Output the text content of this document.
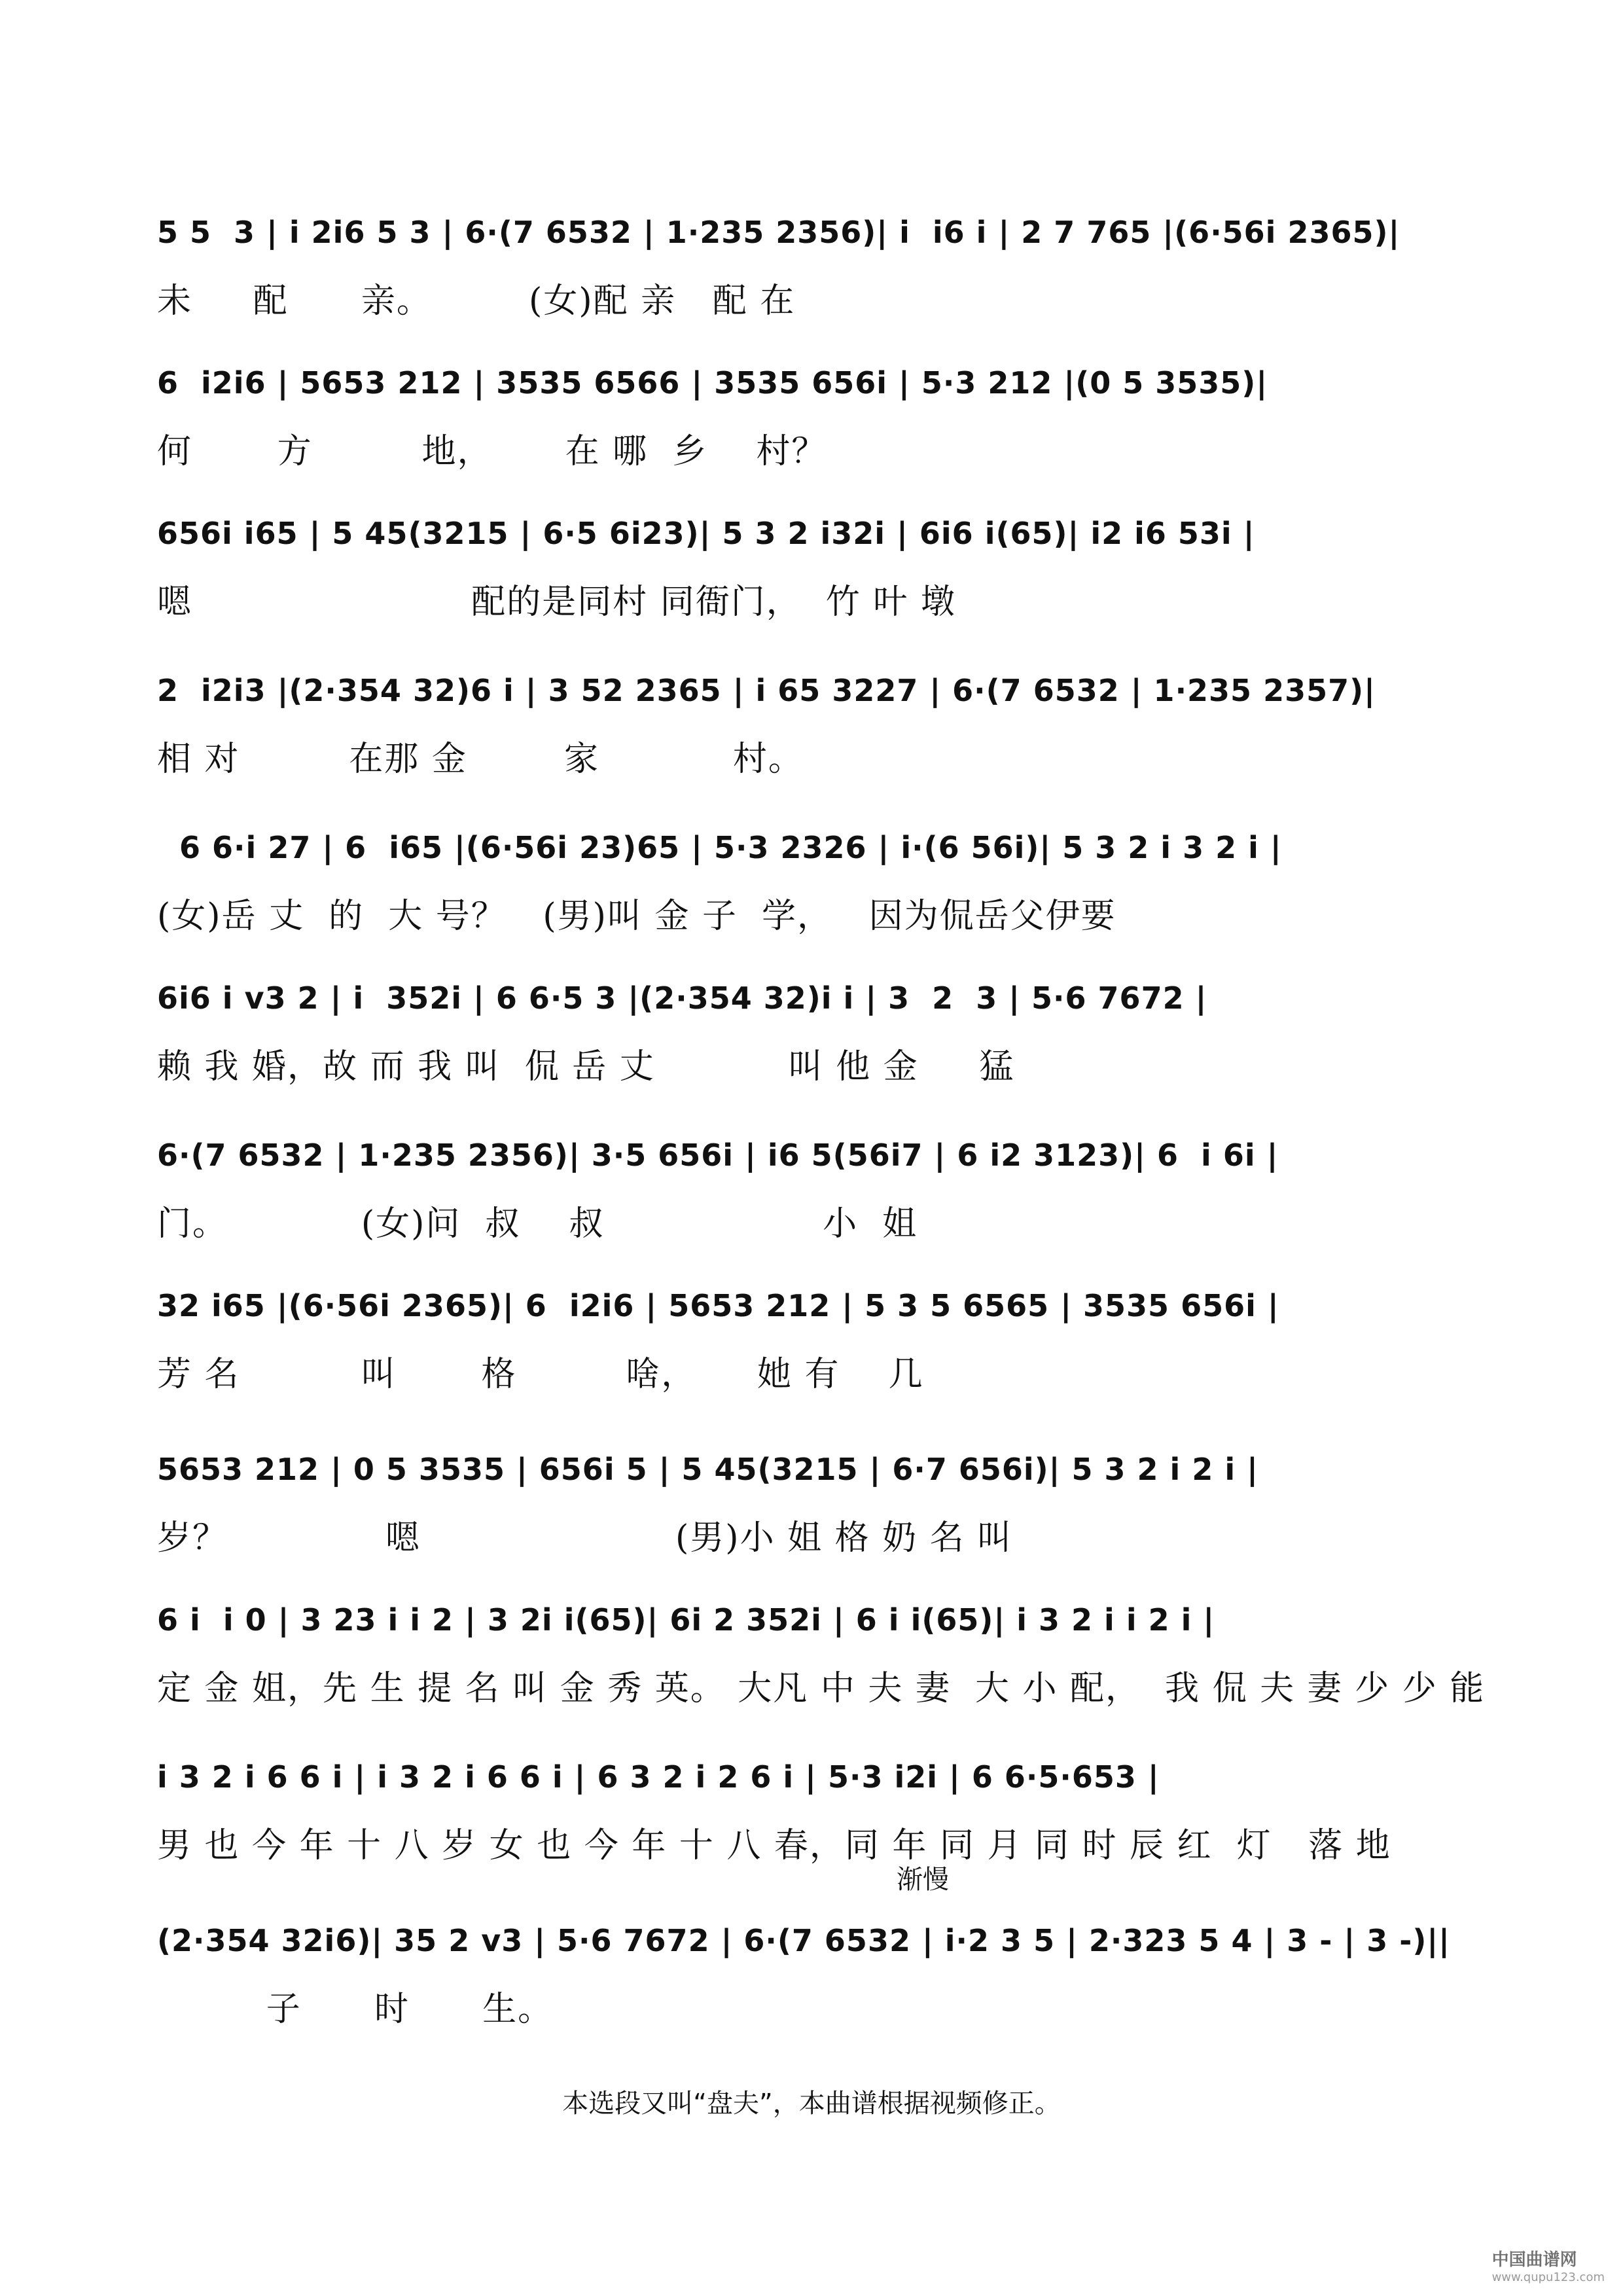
5 5  3 | i 2i6 5 3 | 6·(7 6532 | 1·235 2356)| i  i6 i | 2 7 765 |(6·56i 2365)|
未     配      亲。        (女)配 亲   配 在
6  i2i6 | 5653 212 | 3535 6566 | 3535 656i | 5·3 212 |(0 5 3535)|
何       方         地，      在 哪  乡    村？
656i i65 | 5 45(3215 | 6·5 6i23)| 5 3 2 i32i | 6i6 i(65)| i2 i6 53i |
嗯                       配的是同村 同衙门，  竹 叶 墩
2  i2i3 |(2·354 32)6 i | 3 52 2365 | i 65 3227 | 6·(7 6532 | 1·235 2357)|
相 对         在那 金        家           村。
6 6·i 27 | 6  i65 |(6·56i 23)65 | 5·3 2326 | i·(6 56i)| 5 3 2 i 3 2 i |
(女)岳 丈  的  大 号？   (男)叫 金 子  学，   因为侃岳父伊要
6i6 i v3 2 | i  352i | 6 6·5 3 |(2·354 32)i i | 3  2  3 | 5·6 7672 |
赖 我 婚，故 而 我 叫  侃 岳 丈           叫 他 金     猛
6·(7 6532 | 1·235 2356)| 3·5 656i | i6 5(56i7 | 6 i2 3123)| 6  i 6i |
门。           (女)问  叔    叔                  小  姐
32 i65 |(6·56i 2365)| 6  i2i6 | 5653 212 | 5 3 5 6565 | 3535 656i |
芳 名          叫       格         啥，     她 有    几
5653 212 | 0 5 3535 | 656i 5 | 5 45(3215 | 6·7 656i)| 5 3 2 i 2 i |
岁？             嗯                     (男)小 姐 格 奶 名 叫
6 i  i 0 | 3 23 i i 2 | 3 2i i(65)| 6i 2 352i | 6 i i(65)| i 3 2 i i 2 i |
定 金 姐，先 生 提 名 叫 金 秀 英。 大凡 中 夫 妻  大 小 配，  我 侃 夫 妻 少 少 能
i 3 2 i 6 6 i | i 3 2 i 6 6 i | 6 3 2 i 2 6 i | 5·3 i2i | 6 6·5·653 |
男 也 今 年 十 八 岁 女 也 今 年 十 八 春，同 年 同 月 同 时 辰 红  灯   落 地
渐慢
(2·354 32i6)| 35 2 v3 | 5·6 7672 | 6·(7 6532 | i·2 3 5 | 2·323 5 4 | 3 - | 3 -)||
子      时      生。
本选段又叫“盘夫”，本曲谱根据视频修正。
中国曲谱网
www.qupu123.com
